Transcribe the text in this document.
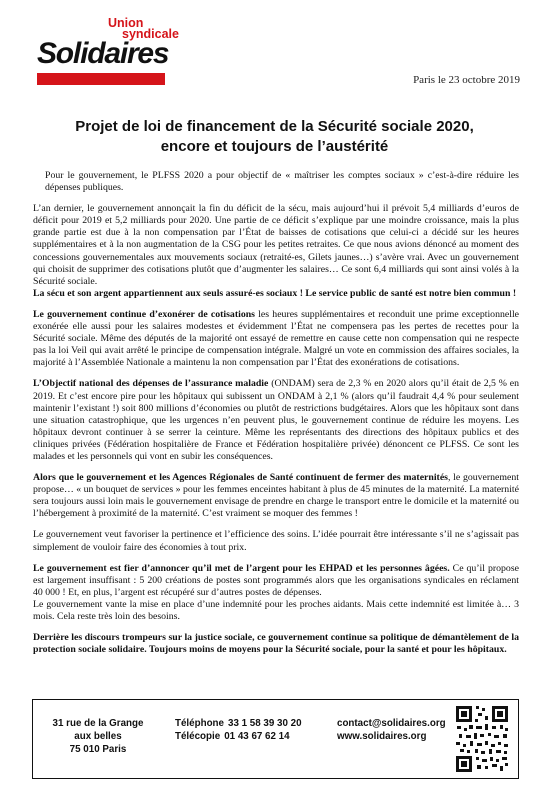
Union
syndicale
Solidaires
Paris le 23 octobre 2019
Projet de loi de financement de la Sécurité sociale 2020,
encore et toujours de l’austérité

Pour le gouvernement, le PLFSS 2020 a pour objectif de « maîtriser les comptes sociaux » c’est-à-dire réduire les dépenses publiques.

L’an dernier, le gouvernement annonçait la fin du déficit de la sécu, mais aujourd’hui il prévoit 5,4 milliards d’euros de déficit pour 2019 et 5,2 milliards pour 2020. Une partie de ce déficit s’explique par une moindre croissance, mais la plus grande partie est due à la non compensation par l’État de baisses de cotisations que celui-ci a décidé sur les heures supplémentaires et à la non augmentation de la CSG pour les petites retraites. Ce que nous avions dénoncé au moment des concessions gouvernementales aux mouvements sociaux (retraité-es, Gilets jaunes…) s’avère vrai. Avec un gouvernement qui choisit de supprimer des cotisations plutôt que d’augmenter les salaires… Ce sont 6,4 milliards qui sont ainsi volés à la Sécurité sociale.
La sécu et son argent appartiennent aux seuls assuré-es sociaux ! Le service public de santé est notre bien commun !

Le gouvernement continue d’exonérer de cotisations les heures supplémentaires et reconduit une prime exceptionnelle exonérée elle aussi pour les salaires modestes et évidemment l’État ne compensera pas les pertes de recettes pour la Sécurité sociale. Même des députés de la majorité ont essayé de remettre en cause cette non compensation qui ne respecte pas la loi Veil qui avait arrêté le principe de compensation intégrale. Malgré un vote en commission des affaires sociales, la majorité à l’Assemblée Nationale a maintenu la non compensation par l’État des exonérations de cotisations.

L’Objectif national des dépenses de l’assurance maladie (ONDAM) sera de 2,3 % en 2020 alors qu’il était de 2,5 % en 2019. Et c’est encore pire pour les hôpitaux qui subissent un ONDAM à 2,1 % (alors qu’il faudrait 4,4 % pour seulement maintenir l’existant !) soit 800 millions d’économies ou plutôt de restrictions budgétaires. Alors que les hôpitaux sont dans une situation catastrophique, que les urgences n’en peuvent plus, le gouvernement continue de réduire les moyens. Les hôpitaux devront continuer à se serrer la ceinture. Même les représentants des directions des hôpitaux publics et des cliniques privées (Fédération hospitalière de France et Fédération hospitalière privée) dénoncent ce PLFSS. Ce sont les malades et les personnels qui vont en subir les conséquences.

Alors que le gouvernement et les Agences Régionales de Santé continuent de fermer des maternités, le gouvernement propose… « un bouquet de services » pour les femmes enceintes habitant à plus de 45 minutes de la maternité. La maternité sera toujours aussi loin mais le gouvernement envisage de prendre en charge le transport entre le domicile et la maternité ou l’hébergement à proximité de la maternité. C’est vraiment se moquer des femmes !

Le gouvernement veut favoriser la pertinence et l’efficience des soins. L’idée pourrait être intéressante s’il ne s’agissait pas simplement de vouloir faire des économies à tout prix.

Le gouvernement est fier d’annoncer qu’il met de l’argent pour les EHPAD et les personnes âgées. Ce qu’il propose est largement insuffisant : 5 200 créations de postes sont programmés alors que les organisations syndicales en réclament 40 000 ! Et, en plus, l’argent est récupéré sur d’autres postes de dépenses.

Le gouvernement vante la mise en place d’une indemnité pour les proches aidants. Mais cette indemnité est limitée à… 3 mois. Cela reste très loin des besoins.

Derrière les discours trompeurs sur la justice sociale, ce gouvernement continue sa politique de démantèlement de la protection sociale solidaire. Toujours moins de moyens pour la Sécurité sociale, pour la santé et pour les hôpitaux.

31 rue de la Grange
aux belles
75 010 Paris
Téléphone 33 1 58 39 30 20
Télécopie 01 43 67 62 14
contact@solidaires.org
www.solidaires.org
